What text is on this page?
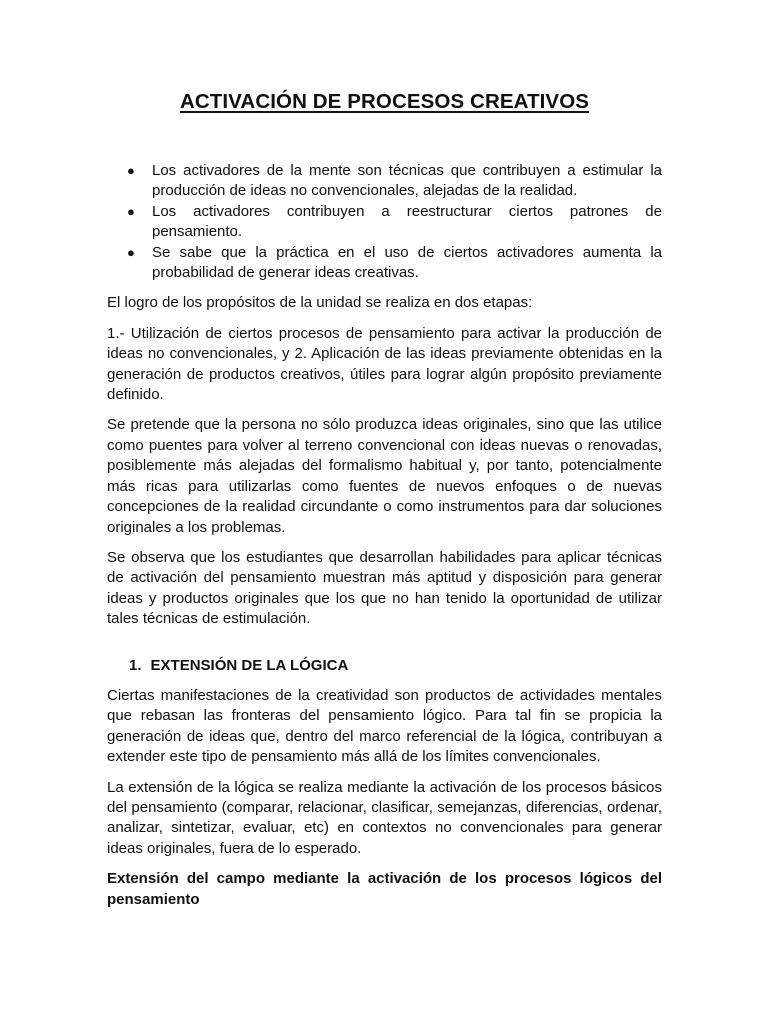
ACTIVACIÓN DE PROCESOS CREATIVOS
● Los activadores de la mente son técnicas que contribuyen a estimular la producción de ideas no convencionales, alejadas de la realidad.
● Los activadores contribuyen a reestructurar ciertos patrones de pensamiento.
● Se sabe que la práctica en el uso de ciertos activadores aumenta la probabilidad de generar ideas creativas.

El logro de los propósitos de la unidad se realiza en dos etapas:

1.- Utilización de ciertos procesos de pensamiento para activar la producción de ideas no convencionales, y 2. Aplicación de las ideas previamente obtenidas en la generación de productos creativos, útiles para lograr algún propósito previamente definido.

Se pretende que la persona no sólo produzca ideas originales, sino que las utilice como puentes para volver al terreno convencional con ideas nuevas o renovadas, posiblemente más alejadas del formalismo habitual y, por tanto, potencialmente más ricas para utilizarlas como fuentes de nuevos enfoques o de nuevas concepciones de la realidad circundante o como instrumentos para dar soluciones originales a los problemas.

Se observa que los estudiantes que desarrollan habilidades para aplicar técnicas de activación del pensamiento muestran más aptitud y disposición para generar ideas y productos originales que los que no han tenido la oportunidad de utilizar tales técnicas de estimulación.

1. EXTENSIÓN DE LA LÓGICA

Ciertas manifestaciones de la creatividad son productos de actividades mentales que rebasan las fronteras del pensamiento lógico. Para tal fin se propicia la generación de ideas que, dentro del marco referencial de la lógica, contribuyan a extender este tipo de pensamiento más allá de los límites convencionales.

La extensión de la lógica se realiza mediante la activación de los procesos básicos del pensamiento (comparar, relacionar, clasificar, semejanzas, diferencias, ordenar, analizar, sintetizar, evaluar, etc) en contextos no convencionales para generar ideas originales, fuera de lo esperado.

Extensión del campo mediante la activación de los procesos lógicos del pensamiento
